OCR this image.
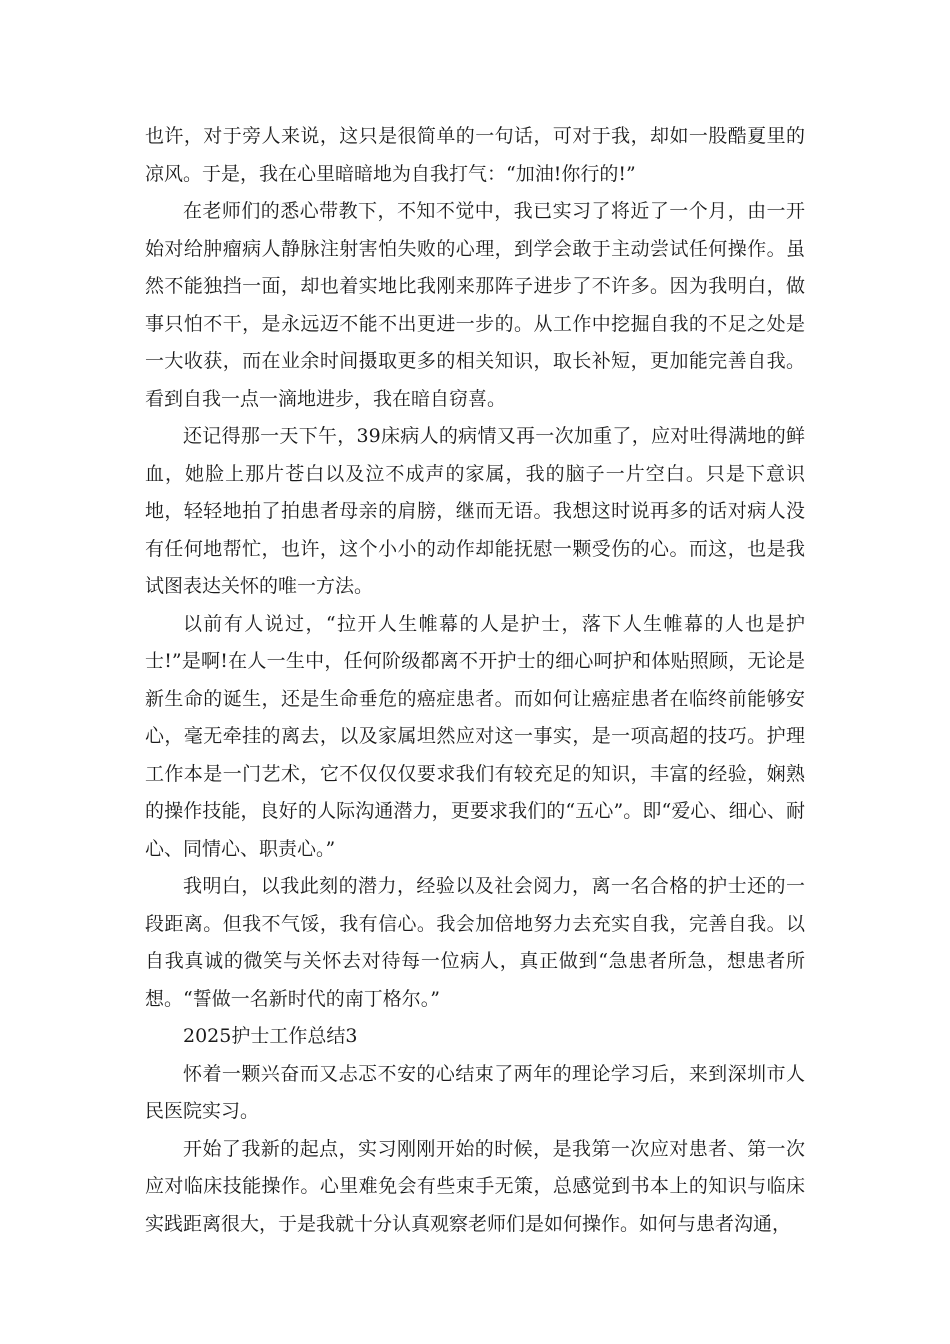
也许，对于旁人来说，这只是很简单的一句话，可对于我，却如一股酷夏里的凉风。于是，我在心里暗暗地为自我打气：“加油!你行的!”

在老师们的悉心带教下，不知不觉中，我已实习了将近了一个月，由一开始对给肿瘤病人静脉注射害怕失败的心理，到学会敢于主动尝试任何操作。虽然不能独挡一面，却也着实地比我刚来那阵子进步了不许多。因为我明白，做事只怕不干，是永远迈不能不出更进一步的。从工作中挖掘自我的不足之处是一大收获，而在业余时间摄取更多的相关知识，取长补短，更加能完善自我。看到自我一点一滴地进步，我在暗自窃喜。

还记得那一天下午，39床病人的病情又再一次加重了，应对吐得满地的鲜血，她脸上那片苍白以及泣不成声的家属，我的脑子一片空白。只是下意识地，轻轻地拍了拍患者母亲的肩膀，继而无语。我想这时说再多的话对病人没有任何地帮忙，也许，这个小小的动作却能抚慰一颗受伤的心。而这，也是我试图表达关怀的唯一方法。

以前有人说过，“拉开人生帷幕的人是护士，落下人生帷幕的人也是护士!”是啊!在人一生中，任何阶级都离不开护士的细心呵护和体贴照顾，无论是新生命的诞生，还是生命垂危的癌症患者。而如何让癌症患者在临终前能够安心，毫无牵挂的离去，以及家属坦然应对这一事实，是一项高超的技巧。护理工作本是一门艺术，它不仅仅仅要求我们有较充足的知识，丰富的经验，娴熟的操作技能，良好的人际沟通潜力，更要求我们的“五心”。即“爱心、细心、耐心、同情心、职责心。”

我明白，以我此刻的潜力，经验以及社会阅力，离一名合格的护士还的一段距离。但我不气馁，我有信心。我会加倍地努力去充实自我，完善自我。以自我真诚的微笑与关怀去对待每一位病人，真正做到“急患者所急，想患者所想。“誓做一名新时代的南丁格尔。”

2025护士工作总结3

怀着一颗兴奋而又忐忑不安的心结束了两年的理论学习后，来到深圳市人民医院实习。

开始了我新的起点，实习刚刚开始的时候，是我第一次应对患者、第一次应对临床技能操作。心里难免会有些束手无策，总感觉到书本上的知识与临床实践距离很大，于是我就十分认真观察老师们是如何操作。如何与患者沟通，
